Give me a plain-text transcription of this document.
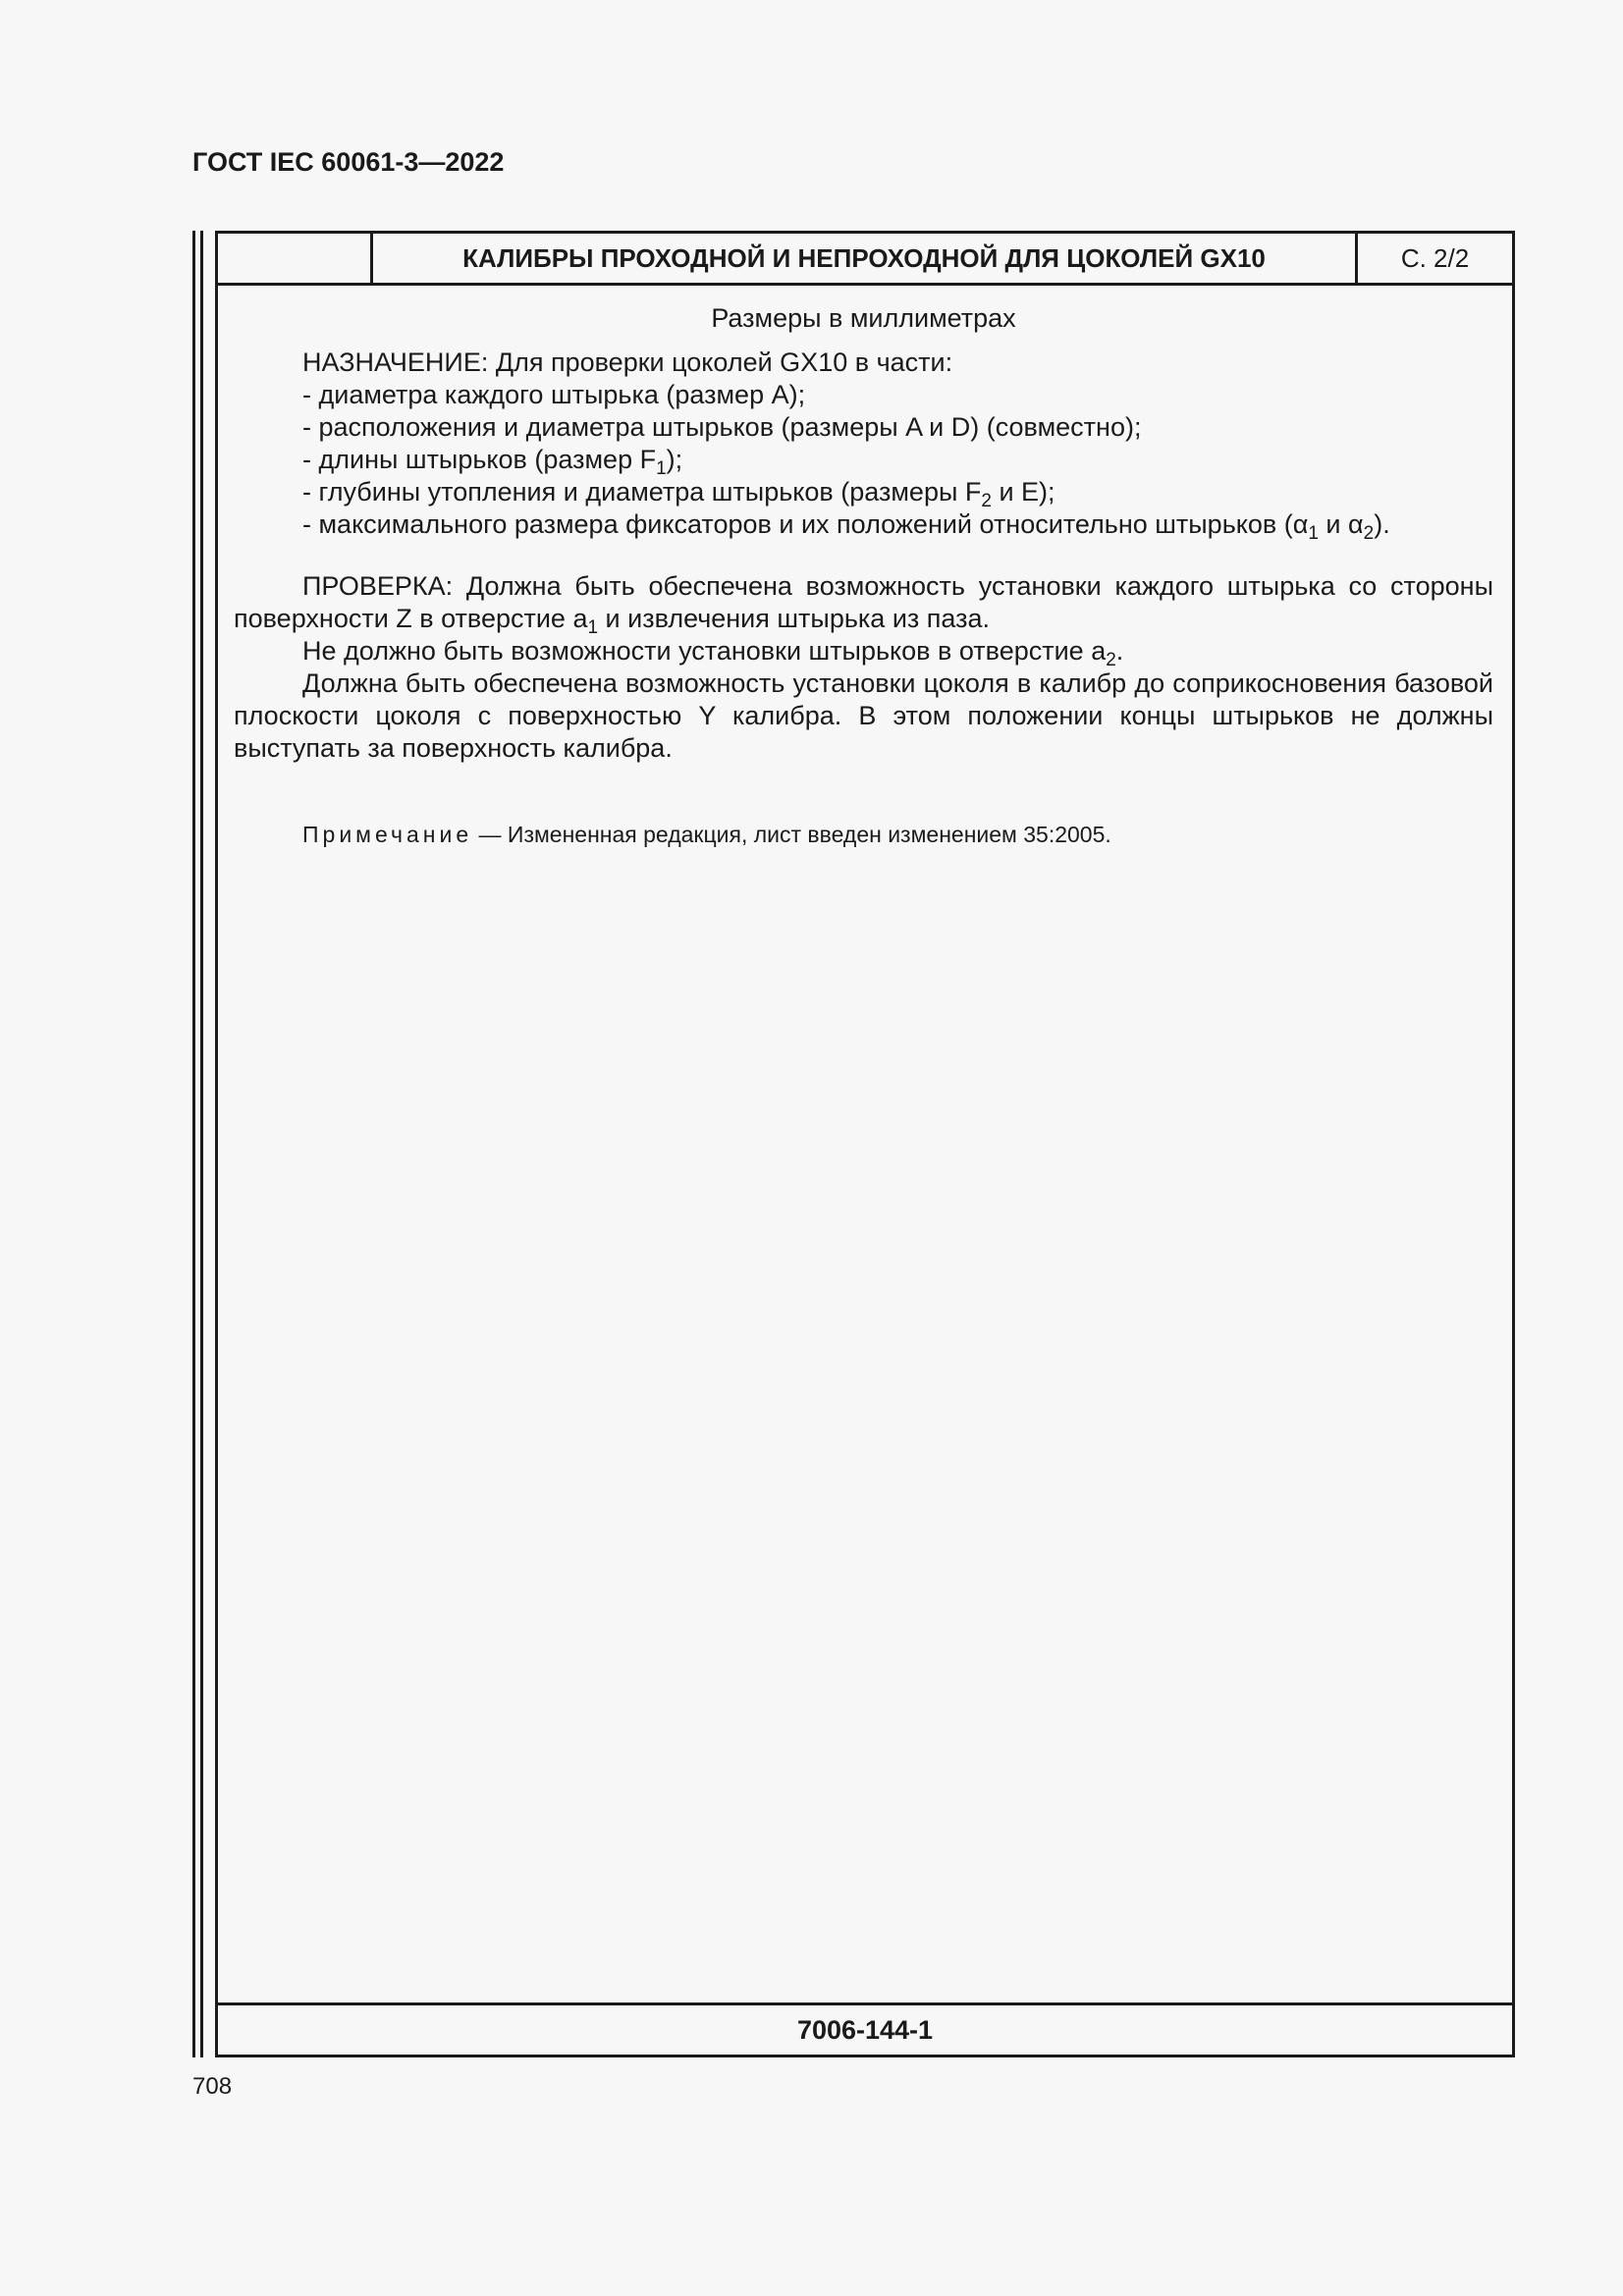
ГОСТ IEC 60061-3—2022
КАЛИБРЫ ПРОХОДНОЙ И НЕПРОХОДНОЙ ДЛЯ ЦОКОЛЕЙ GX10	С. 2/2
Размеры в миллиметрах
НАЗНАЧЕНИЕ: Для проверки цоколей GX10 в части:
- диаметра каждого штырька (размер A);
- расположения и диаметра штырьков (размеры A и D) (совместно);
- длины штырьков (размер $F_1$);
- глубины утопления и диаметра штырьков (размеры $F_2$ и E);
- максимального размера фиксаторов и их положений относительно штырьков ($\alpha_1$ и $\alpha_2$).

ПРОВЕРКА: Должна быть обеспечена возможность установки каждого штырька со стороны поверхности Z в отверстие $a_1$ и извлечения штырька из паза.

Не должно быть возможности установки штырьков в отверстие $a_2$.

Должна быть обеспечена возможность установки цоколя в калибр до соприкосновения базовой плоскости цоколя с поверхностью Y калибра. В этом положении концы штырьков не должны выступать за поверхность калибра.

Примечание — Измененная редакция, лист введен изменением 35:2005.
7006-144-1
708
